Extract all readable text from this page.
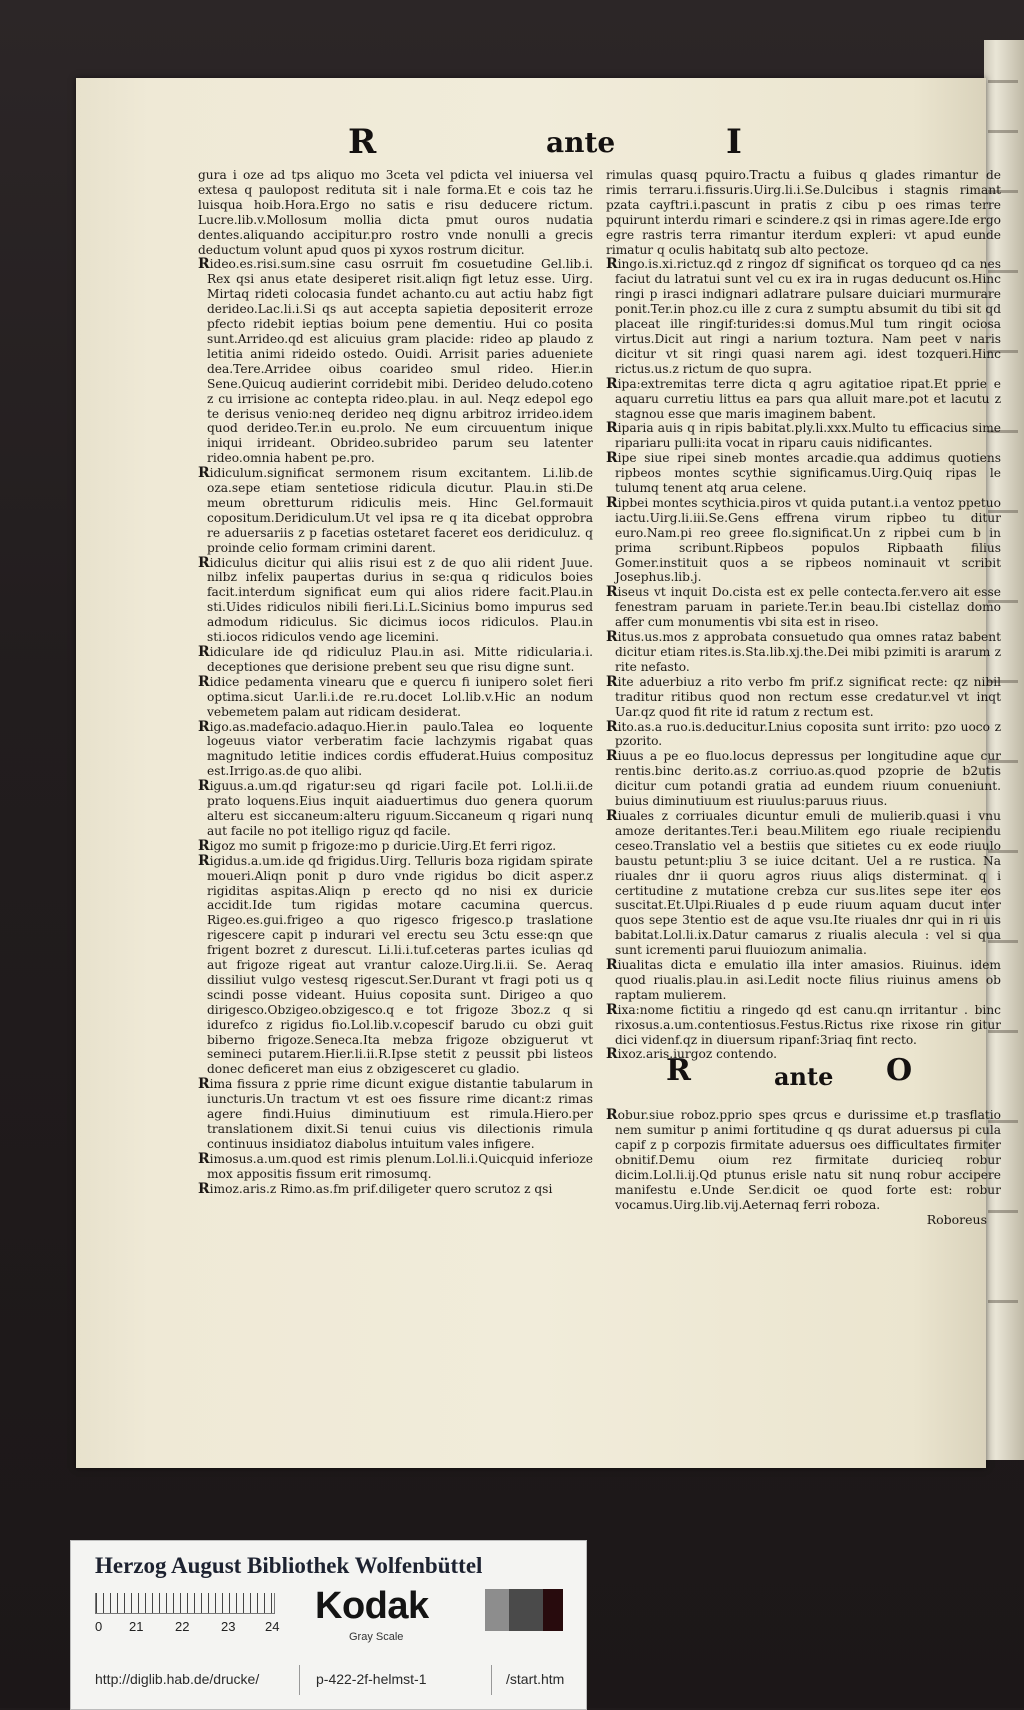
R	ante	I

gura i oze ad tps aliquo mo 3ceta vel pdicta vel iniuersa vel extesa q paulopost redituta sit i nale forma.Et e cois taz he luisqua hoib.Hora.Ergo no satis e risu deducere rictum. Lucre.lib.v.Mollosum mollia dicta pmut ouros nudatia dentes.aliquando accipitur.pro rostro vnde nonulli a grecis deductum volunt apud quos pi xyxos rostrum dicitur.

Rideo.es.risi.sum.sine casu osrruit fm cosuetudine Gel.lib.i. Rex qsi anus etate desiperet risit.aliqn figt letuz esse. Uirg. Mirtaq rideti colocasia fundet achanto.cu aut actiu habz figt derideo.Lac.li.i.Si qs aut accepta sapietia depositerit erroze pfecto ridebit ieptias boium pene dementiu. Hui co posita sunt.Arrideo.qd est alicuius gram placide: rideo ap plaudo z letitia animi rideido ostedo. Ouidi. Arrisit paries adueniete dea.Tere.Arridee oibus coarideo smul rideo. Hier.in Sene.Quicuq audierint corridebit mibi. Derideo deludo.coteno z cu irrisione ac contepta rideo.plau. in aul. Neqz edepol ego te derisus venio:neq derideo neq dignu arbitroz irrideo.idem quod derideo.Ter.in eu.prolo. Ne eum circuuentum inique iniqui irrideant. Obrideo.subrideo parum seu latenter rideo.omnia habent pe.pro.

Ridiculum.significat sermonem risum excitantem. Li.lib.de oza.sepe etiam sentetiose ridicula dicutur. Plau.in sti.De meum obretturum ridiculis meis. Hinc Gel.formauit copositum.Deridiculum.Ut vel ipsa re q ita dicebat opprobra re aduersariis z p facetias ostetaret faceret eos deridiculuz. q proinde celio formam crimini darent.

Ridiculus dicitur qui aliis risui est z de quo alii rident Juue. nilbz infelix paupertas durius in se:qua q ridiculos boies facit.interdum significat eum qui alios ridere facit.Plau.in sti.Uides ridiculos nibili fieri.Li.L.Sicinius bomo impurus sed admodum ridiculus. Sic dicimus iocos ridiculos. Plau.in sti.iocos ridiculos vendo age licemini.

Ridiculare ide qd ridiculuz Plau.in asi. Mitte ridicularia.i. deceptiones que derisione prebent seu que risu digne sunt.

Ridice pedamenta vinearu que e quercu fi iunipero solet fieri optima.sicut Uar.li.i.de re.ru.docet Lol.lib.v.Hic an nodum vebemetem palam aut ridicam desiderat.

Rigo.as.madefacio.adaquo.Hier.in paulo.Talea eo loquente logeuus viator verberatim facie lachzymis rigabat quas magnitudo letitie indices cordis effuderat.Huius composituz est.Irrigo.as.de quo alibi.

Riguus.a.um.qd rigatur:seu qd rigari facile pot. Lol.li.ii.de prato loquens.Eius inquit aiaduertimus duo genera quorum alteru est siccaneum:alteru riguum.Siccaneum q rigari nunq aut facile no pot itelligo riguz qd facile.

Rigoz mo sumit p frigoze:mo p duricie.Uirg.Et ferri rigoz.

Rigidus.a.um.ide qd frigidus.Uirg. Telluris boza rigidam spirate moueri.Aliqn ponit p duro vnde rigidus bo dicit asper.z rigiditas aspitas.Aliqn p erecto qd no nisi ex duricie accidit.Ide tum rigidas motare cacumina quercus. Rigeo.es.gui.frigeo a quo rigesco frigesco.p traslatione rigescere capit p indurari vel erectu seu 3ctu esse:qn que frigent bozret z durescut. Li.li.i.tuf.ceteras partes iculias qd aut frigoze rigeat aut vrantur caloze.Uirg.li.ii. Se. Aeraq dissiliut vulgo vestesq rigescut.Ser.Durant vt fragi poti us q scindi posse videant. Huius coposita sunt. Dirigeo a quo dirigesco.Obzigeo.obzigesco.q e tot frigoze 3boz.z q si idurefco z rigidus fio.Lol.lib.v.copescif barudo cu obzi guit biberno frigoze.Seneca.Ita mebza frigoze obziguerut vt semineci putarem.Hier.li.ii.R.Ipse stetit z peussit pbi listeos donec deficeret man eius z obzigesceret cu gladio.

Rima fissura z pprie rime dicunt exigue distantie tabularum in iuncturis.Un tractum vt est oes fissure rime dicant:z rimas agere findi.Huius diminutiuum est rimula.Hiero.per translationem dixit.Si tenui cuius vis dilectionis rimula continuus insidiatoz diabolus intuitum vales infigere.

Rimosus.a.um.quod est rimis plenum.Lol.li.i.Quicquid inferioze mox appositis fissum erit rimosumq.

Rimoz.aris.z Rimo.as.fm prif.diligeter quero scrutoz z qsi

rimulas quasq pquiro.Tractu a fuibus q glades rimantur de rimis terraru.i.fissuris.Uirg.li.i.Se.Dulcibus i stagnis rimant pzata cayftri.i.pascunt in pratis z cibu p oes rimas terre pquirunt interdu rimari e scindere.z qsi in rimas agere.Ide ergo egre rastris terra rimantur iterdum expleri: vt apud eunde rimatur q oculis habitatq sub alto pectoze.

Ringo.is.xi.rictuz.qd z ringoz df significat os torqueo qd ca nes faciut du latratui sunt vel cu ex ira in rugas deducunt os.Hinc ringi p irasci indignari adlatrare pulsare duiciari murmurare ponit.Ter.in phoz.cu ille z cura z sumptu absumit du tibi sit qd placeat ille ringif:turides:si domus.Mul tum ringit ociosa virtus.Dicit aut ringi a narium toztura. Nam peet v naris dicitur vt sit ringi quasi narem agi. idest tozqueri.Hinc rictus.us.z rictum de quo supra.

Ripa:extremitas terre dicta q agru agitatioe ripat.Et pprie e aquaru curretiu littus ea pars qua alluit mare.pot et lacutu z stagnou esse que maris imaginem babent.

Riparia auis q in ripis babitat.ply.li.xxx.Multo tu efficacius sime ripariaru pulli:ita vocat in riparu cauis nidificantes.

Ripe siue ripei sineb montes arcadie.qua addimus quotiens ripbeos montes scythie significamus.Uirg.Quiq ripas le tulumq tenent atq arua celene.

Ripbei montes scythicia.piros vt quida putant.i.a ventoz ppetuo iactu.Uirg.li.iii.Se.Gens effrena virum ripbeo tu ditur euro.Nam.pi reo greee flo.significat.Un z ripbei cum b in prima scribunt.Ripbeos populos Ripbaath filius Gomer.instituit quos a se ripbeos nominauit vt scribit Josephus.lib.j.

Riseus vt inquit Do.cista est ex pelle contecta.fer.vero ait esse fenestram paruam in pariete.Ter.in beau.Ibi cistellaz domo affer cum monumentis vbi sita est in riseo.

Ritus.us.mos z approbata consuetudo qua omnes rataz babent dicitur etiam rites.is.Sta.lib.xj.the.Dei mibi pzimiti is ararum z rite nefasto.

Rite aduerbiuz a rito verbo fm prif.z significat recte: qz nibil traditur ritibus quod non rectum esse credatur.vel vt inqt Uar.qz quod fit rite id ratum z rectum est.

Rito.as.a ruo.is.deducitur.Lnius coposita sunt irrito: pzo uoco z pzorito.

Riuus a pe eo fluo.locus depressus per longitudine aque cur rentis.binc derito.as.z corriuo.as.quod pzoprie de b2utis dicitur cum potandi gratia ad eundem riuum conueniunt. buius diminutiuum est riuulus:paruus riuus.

Riuales z corriuales dicuntur emuli de mulierib.quasi i vnu amoze deritantes.Ter.i beau.Militem ego riuale recipiendu ceseo.Translatio vel a bestiis que sitietes cu ex eode riuulo baustu petunt:pliu 3 se iuice dcitant. Uel a re rustica. Na riuales dnr ii quoru agros riuus aliqs disterminat. q i certitudine z mutatione crebza cur sus.lites sepe iter eos suscitat.Et.Ulpi.Riuales d p eude riuum aquam ducut inter quos sepe 3tentio est de aque vsu.Ite riuales dnr qui in ri uis babitat.Lol.li.ix.Datur camarus z riualis alecula : vel si qua sunt icrementi parui fluuiozum animalia.

Riualitas dicta e emulatio illa inter amasios. Riuinus. idem quod riualis.plau.in asi.Ledit nocte filius riuinus amens ob raptam mulierem.

Rixa:nome fictitiu a ringedo qd est canu.qn irritantur . binc rixosus.a.um.contentiosus.Festus.Rictus rixe rixose rin gitur dici videnf.qz in diuersum ripanf:3riaq fint recto.

Rixoz.aris.iurgoz contendo.

R	ante O

Robur.siue roboz.pprio spes qrcus e durissime et.p trasflatio nem sumitur p animi fortitudine q qs durat aduersus pi cula capif z p corpozis firmitate aduersus oes difficultates firmiter obnitif.Demu oium rez firmitate duricieq robur dicim.Lol.li.ij.Qd ptunus erisle natu sit nunq robur accipere manifestu e.Unde Ser.dicit oe quod forte est: robur vocamus.Uirg.lib.vij.Aeternaq ferri roboza.

Roboreus

Herzog August Bibliothek Wolfenbüttel
0 21 22 23 24 Kodak
Gray Scale
http://diglib.hab.de/drucke/	p-422-2f-helmst-1	/start.htm
